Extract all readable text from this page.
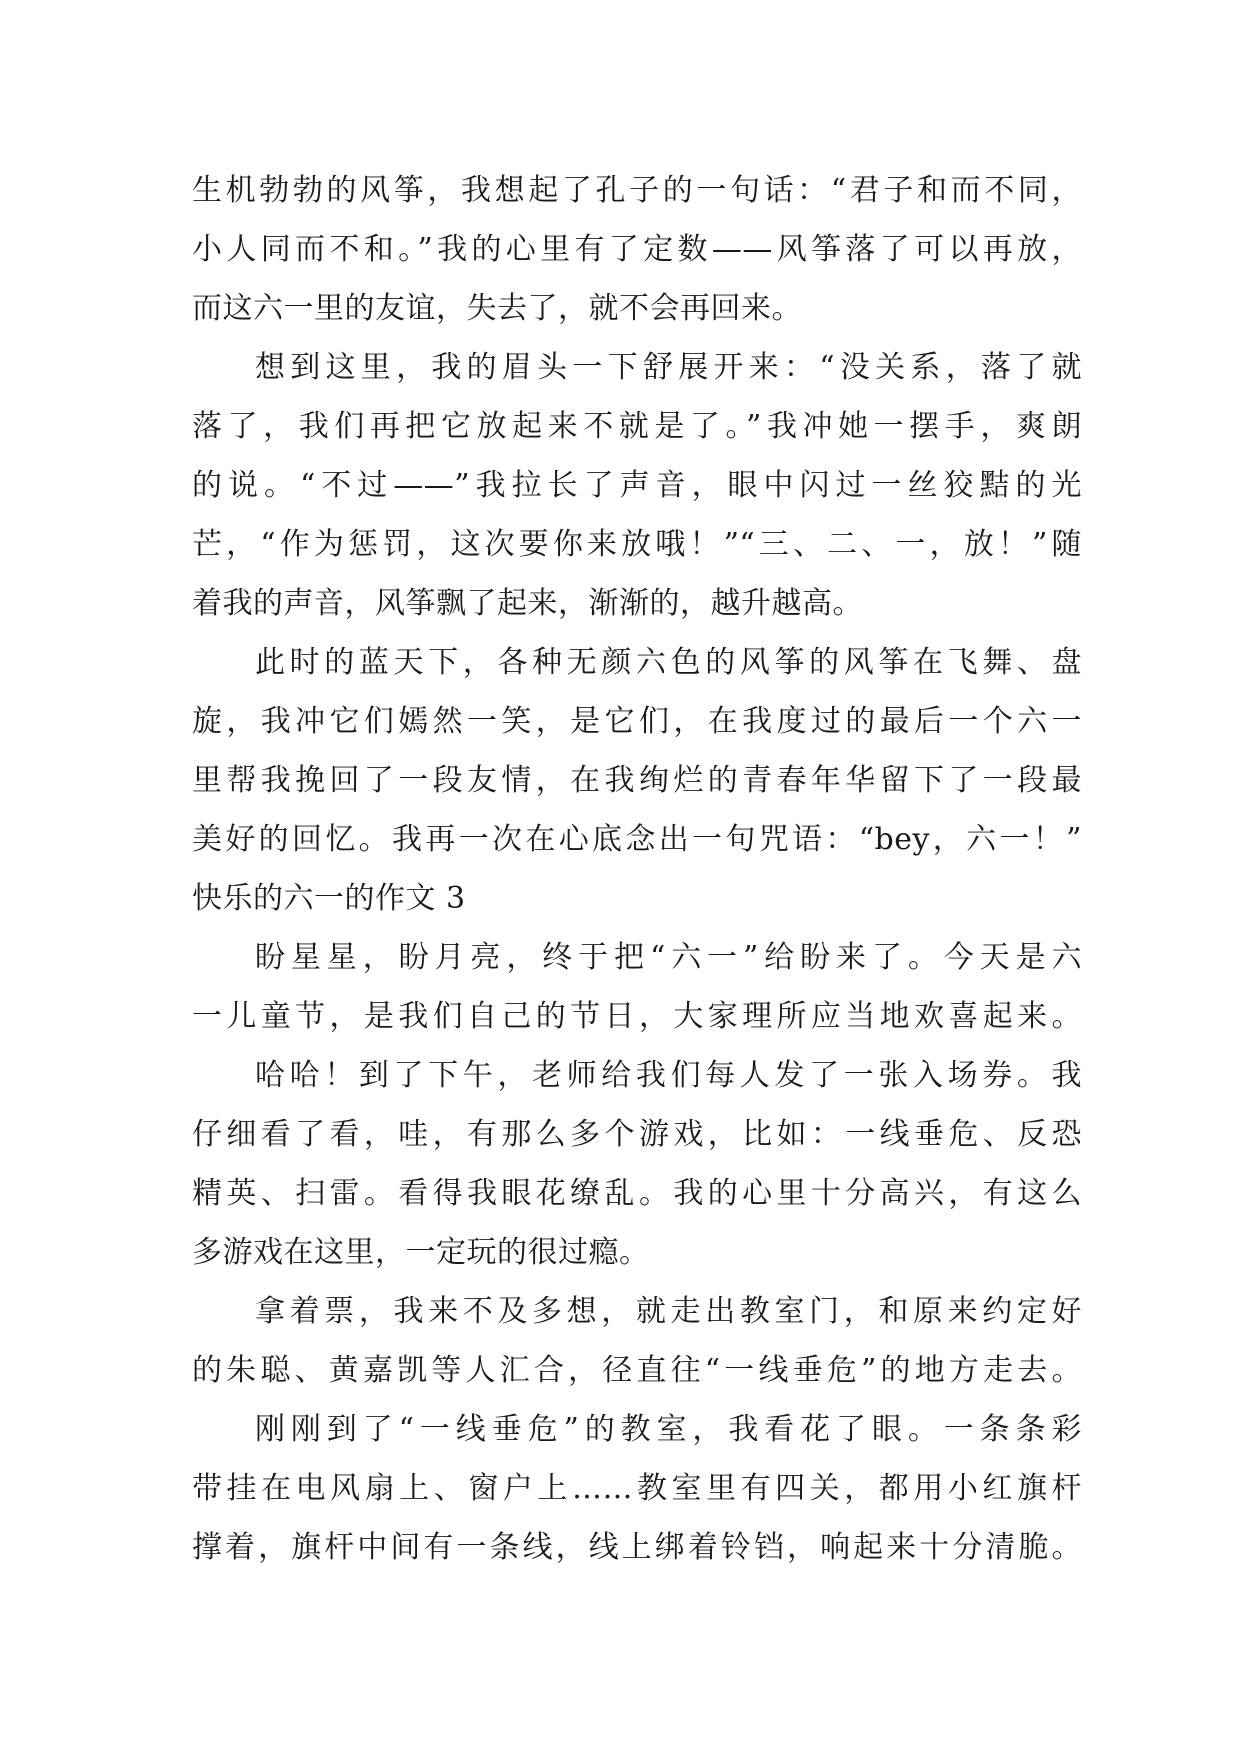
生机勃勃的风筝，我想起了孔子的一句话：“君子和而不同，
小人同而不和。”我的心里有了定数——风筝落了可以再放，
而这六一里的友谊，失去了，就不会再回来。
想到这里，我的眉头一下舒展开来：“没关系，落了就
落了，我们再把它放起来不就是了。”我冲她一摆手，爽朗
的说。“不过——”我拉长了声音，眼中闪过一丝狡黠的光
芒，“作为惩罚，这次要你来放哦！”“三、二、一，放！”随
着我的声音，风筝飘了起来，渐渐的，越升越高。
此时的蓝天下，各种无颜六色的风筝的风筝在飞舞、盘
旋，我冲它们嫣然一笑，是它们，在我度过的最后一个六一
里帮我挽回了一段友情，在我绚烂的青春年华留下了一段最
美好的回忆。我再一次在心底念出一句咒语：“bey，六一！”
快乐的六一的作文 3
盼星星，盼月亮，终于把“六一”给盼来了。今天是六
一儿童节，是我们自己的节日，大家理所应当地欢喜起来。
哈哈！到了下午，老师给我们每人发了一张入场券。我
仔细看了看，哇，有那么多个游戏，比如：一线垂危、反恐
精英、扫雷。看得我眼花缭乱。我的心里十分高兴，有这么
多游戏在这里，一定玩的很过瘾。
拿着票，我来不及多想，就走出教室门，和原来约定好
的朱聪、黄嘉凯等人汇合，径直往“一线垂危”的地方走去。
刚刚到了“一线垂危”的教室，我看花了眼。一条条彩
带挂在电风扇上、窗户上……教室里有四关，都用小红旗杆
撑着，旗杆中间有一条线，线上绑着铃铛，响起来十分清脆。
